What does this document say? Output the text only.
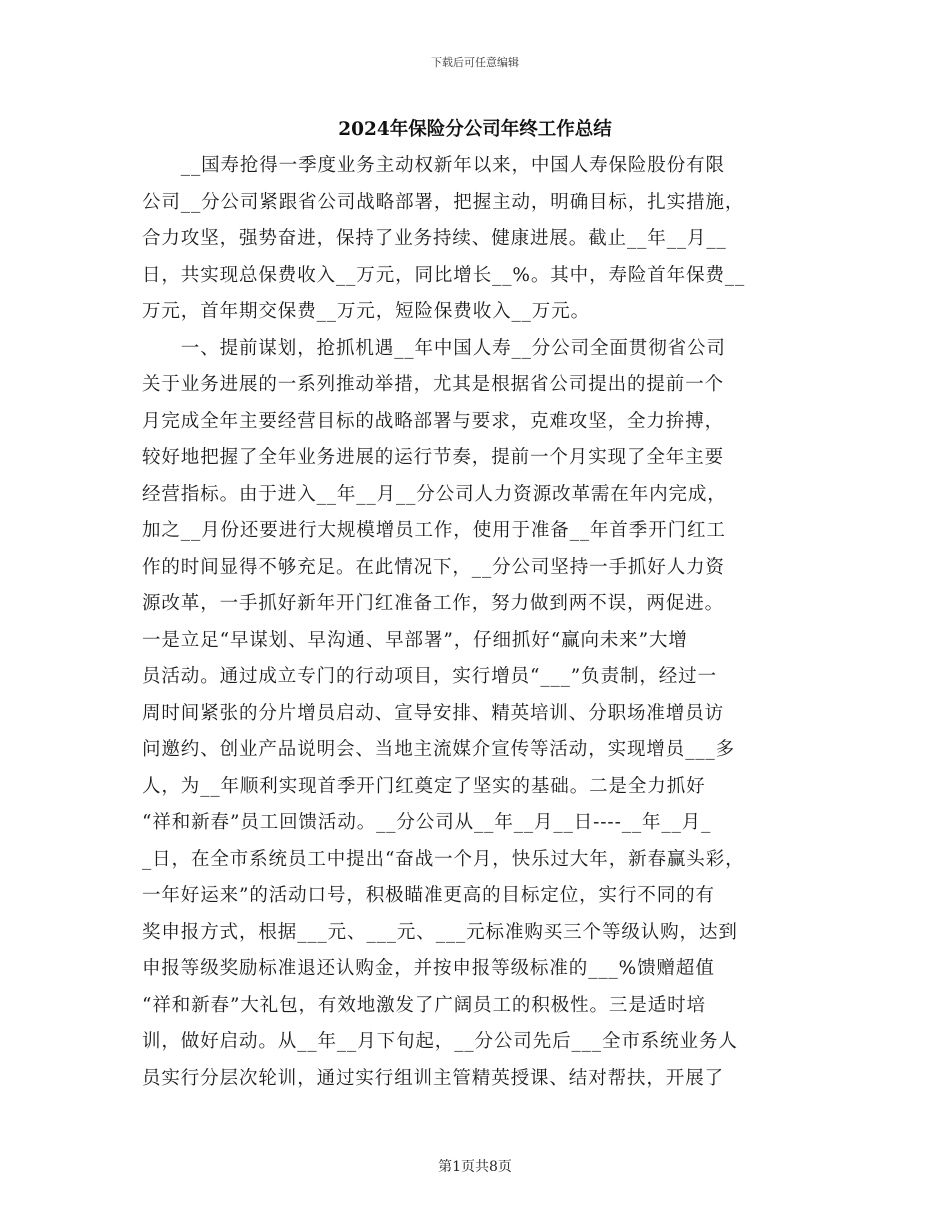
下载后可任意编辑
2024年保险分公司年终工作总结
　　__国寿抢得一季度业务主动权新年以来，中国人寿保险股份有限
公司__分公司紧跟省公司战略部署，把握主动，明确目标，扎实措施，
合力攻坚，强势奋进，保持了业务持续、健康进展。截止__年__月__
日，共实现总保费收入__万元，同比增长__%。其中，寿险首年保费__
万元，首年期交保费__万元，短险保费收入__万元。
　　一、提前谋划，抢抓机遇__年中国人寿__分公司全面贯彻省公司
关于业务进展的一系列推动举措，尤其是根据省公司提出的提前一个
月完成全年主要经营目标的战略部署与要求，克难攻坚，全力拚搏，
较好地把握了全年业务进展的运行节奏，提前一个月实现了全年主要
经营指标。由于进入__年__月__分公司人力资源改革需在年内完成，
加之__月份还要进行大规模增员工作，使用于准备__年首季开门红工
作的时间显得不够充足。在此情况下，__分公司坚持一手抓好人力资
源改革，一手抓好新年开门红准备工作，努力做到两不误，两促进。
一是立足“早谋划、早沟通、早部署”，仔细抓好“赢向未来”大增
员活动。通过成立专门的行动项目，实行增员“___”负责制，经过一
周时间紧张的分片增员启动、宣导安排、精英培训、分职场准增员访
问邀约、创业产品说明会、当地主流媒介宣传等活动，实现增员___多
人，为__年顺利实现首季开门红奠定了坚实的基础。二是全力抓好
“祥和新春”员工回馈活动。__分公司从__年__月__日----__年__月_
_日，在全市系统员工中提出“奋战一个月，快乐过大年，新春赢头彩，
一年好运来”的活动口号，积极瞄准更高的目标定位，实行不同的有
奖申报方式，根据___元、___元、___元标准购买三个等级认购，达到
申报等级奖励标准退还认购金，并按申报等级标准的___%馈赠超值
“祥和新春”大礼包，有效地激发了广阔员工的积极性。三是适时培
训，做好启动。从__年__月下旬起，__分公司先后___全市系统业务人
员实行分层次轮训，通过实行组训主管精英授课、结对帮扶，开展了
第1页共8页
